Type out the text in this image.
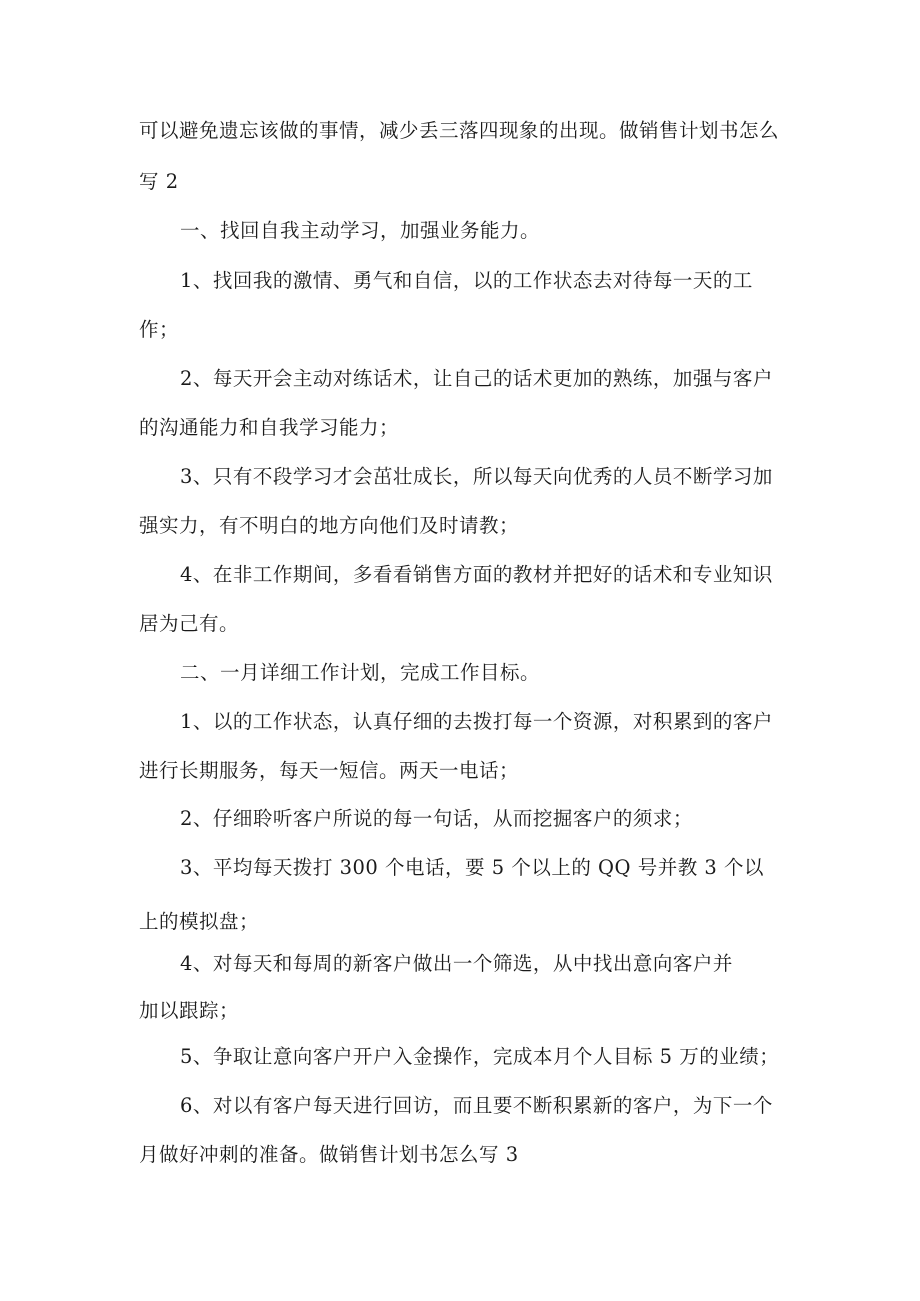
可以避免遗忘该做的事情，减少丢三落四现象的出现。做销售计划书怎么

写 2

一、找回自我主动学习，加强业务能力。

1、找回我的激情、勇气和自信，以的工作状态去对待每一天的工

作；

2、每天开会主动对练话术，让自己的话术更加的熟练，加强与客户

的沟通能力和自我学习能力；

3、只有不段学习才会茁壮成长，所以每天向优秀的人员不断学习加

强实力，有不明白的地方向他们及时请教；

4、在非工作期间，多看看销售方面的教材并把好的话术和专业知识

居为己有。

二、一月详细工作计划，完成工作目标。

1、以的工作状态，认真仔细的去拨打每一个资源，对积累到的客户

进行长期服务，每天一短信。两天一电话；

2、仔细聆听客户所说的每一句话，从而挖掘客户的须求；

3、平均每天拨打 300 个电话，要 5 个以上的 QQ 号并教 3 个以

上的模拟盘；

4、对每天和每周的新客户做出一个筛选，从中找出意向客户并

加以跟踪；

5、争取让意向客户开户入金操作，完成本月个人目标 5 万的业绩；

6、对以有客户每天进行回访，而且要不断积累新的客户，为下一个

月做好冲刺的准备。做销售计划书怎么写 3
